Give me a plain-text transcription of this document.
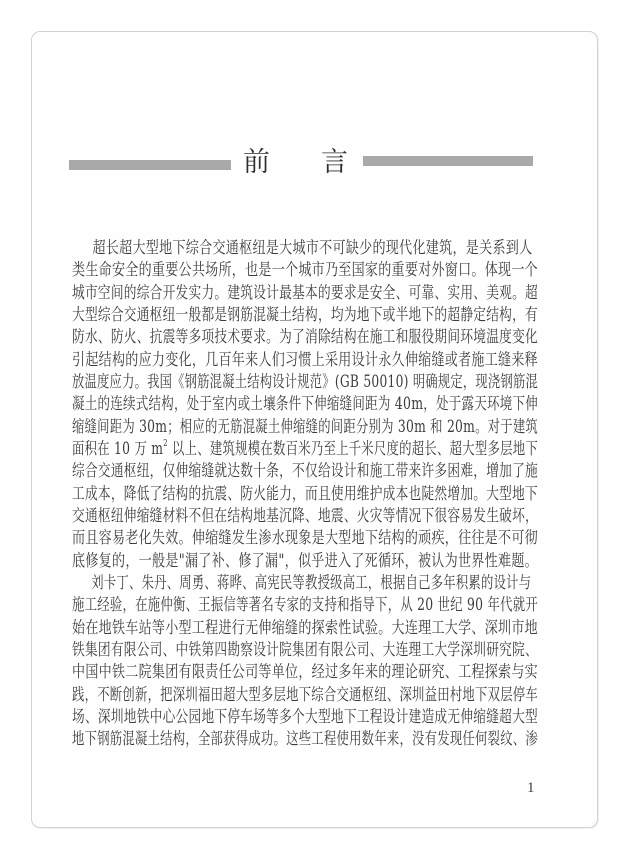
前 言
超长超大型地下综合交通枢纽是大城市不可缺少的现代化建筑，是关系到人
类生命安全的重要公共场所，也是一个城市乃至国家的重要对外窗口。体现一个
城市空间的综合开发实力。建筑设计最基本的要求是安全、可靠、实用、美观。超
大型综合交通枢纽一般都是钢筋混凝土结构，均为地下或半地下的超静定结构，有
防水、防火、抗震等多项技术要求。为了消除结构在施工和服役期间环境温度变化
引起结构的应力变化，几百年来人们习惯上采用设计永久伸缩缝或者施工缝来释
放温度应力。我国《钢筋混凝土结构设计规范》(GB 50010) 明确规定，现浇钢筋混
凝土的连续式结构，处于室内或土壤条件下伸缩缝间距为 40m，处于露天环境下伸
缩缝间距为 30m；相应的无筋混凝土伸缩缝的间距分别为 30m 和 20m。对于建筑
面积在 10 万 $m^2$ 以上、建筑规模在数百米乃至上千米尺度的超长、超大型多层地下
综合交通枢纽，仅伸缩缝就达数十条，不仅给设计和施工带来许多困难，增加了施
工成本，降低了结构的抗震、防火能力，而且使用维护成本也陡然增加。大型地下
交通枢纽伸缩缝材料不但在结构地基沉降、地震、火灾等情况下很容易发生破坏，
而且容易老化失效。伸缩缝发生渗水现象是大型地下结构的顽疾，往往是不可彻
底修复的，一般是"漏了补、修了漏"，似乎进入了死循环，被认为世界性难题。
刘卡丁、朱丹、周勇、蒋晔、高宪民等教授级高工，根据自己多年积累的设计与
施工经验，在施仲衡、王振信等著名专家的支持和指导下，从 20 世纪 90 年代就开
始在地铁车站等小型工程进行无伸缩缝的探索性试验。大连理工大学、深圳市地
铁集团有限公司、中铁第四勘察设计院集团有限公司、大连理工大学深圳研究院、
中国中铁二院集团有限责任公司等单位，经过多年来的理论研究、工程探索与实
践，不断创新，把深圳福田超大型多层地下综合交通枢纽、深圳益田村地下双层停车
场、深圳地铁中心公园地下停车场等多个大型地下工程设计建造成无伸缩缝超大型
地下钢筋混凝土结构，全部获得成功。这些工程使用数年来，没有发现任何裂纹、渗
1
